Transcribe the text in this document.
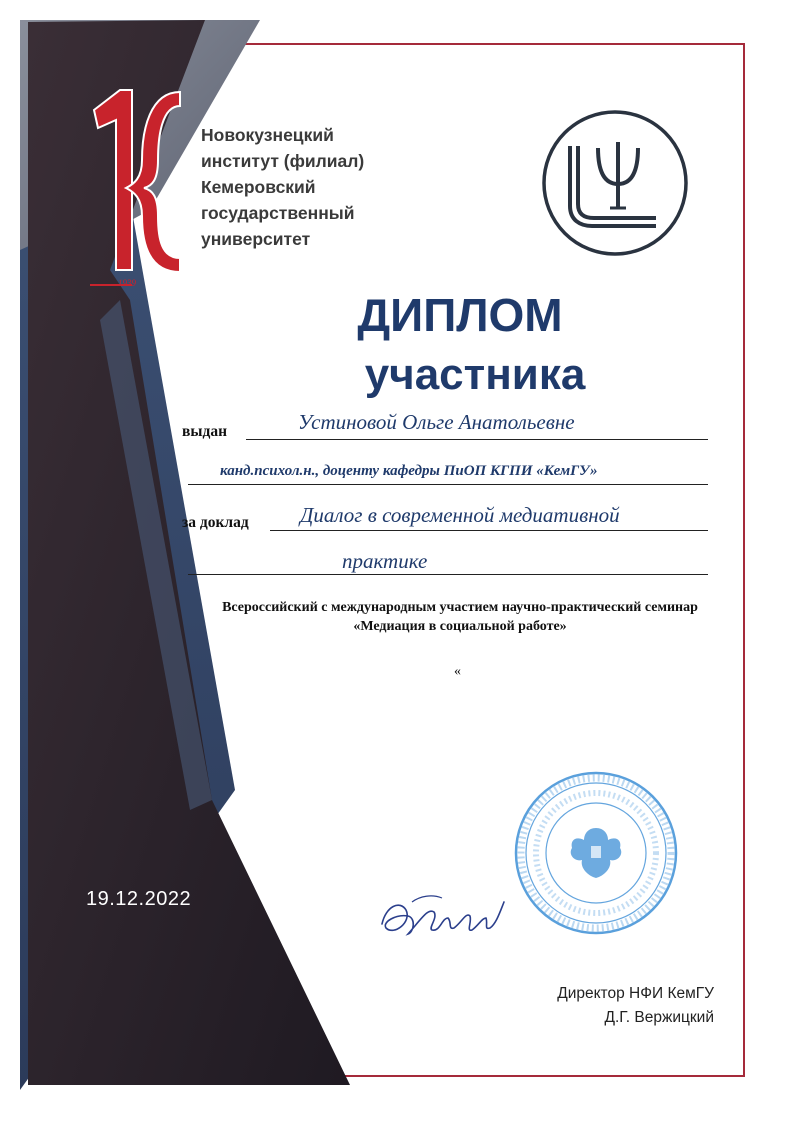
1939
Новокузнецкий
институт (филиал)
Кемеровский
государственный
университет
ДИПЛОМ
участника
выдан	Устиновой Ольге Анатольевне
канд.психол.н., доценту кафедры ПиОП КГПИ «КемГУ»
за доклад Диалог в современной медиативной
практике
Всероссийский с международным участием научно-практический семинар
«Медиация в социальной работе»
«
19.12.2022
Директор НФИ КемГУ
Д.Г. Вержицкий
